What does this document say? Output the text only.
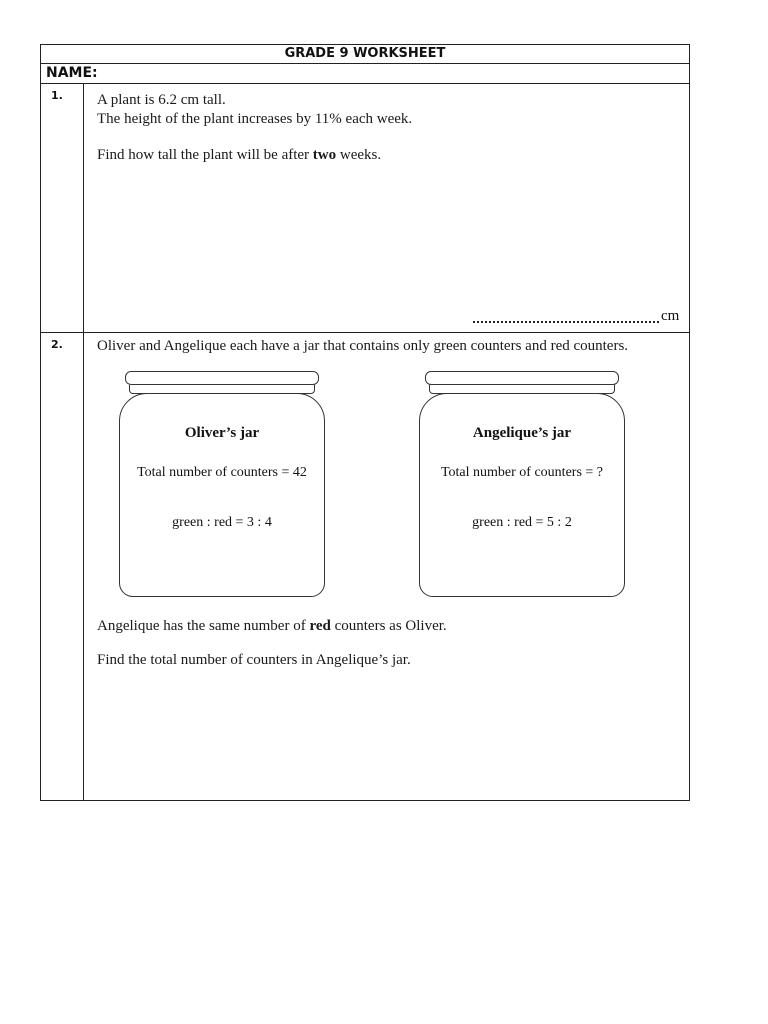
GRADE 9 WORKSHEET
NAME:
1. A plant is 6.2 cm tall.
The height of the plant increases by 11% each week.
Find how tall the plant will be after two weeks.
cm
2. Oliver and Angelique each have a jar that contains only green counters and red counters.
Oliver’s jar
Total number of counters = 42
green : red = 3 : 4
Angelique’s jar
Total number of counters = ?
green : red = 5 : 2
Angelique has the same number of red counters as Oliver.
Find the total number of counters in Angelique’s jar.
